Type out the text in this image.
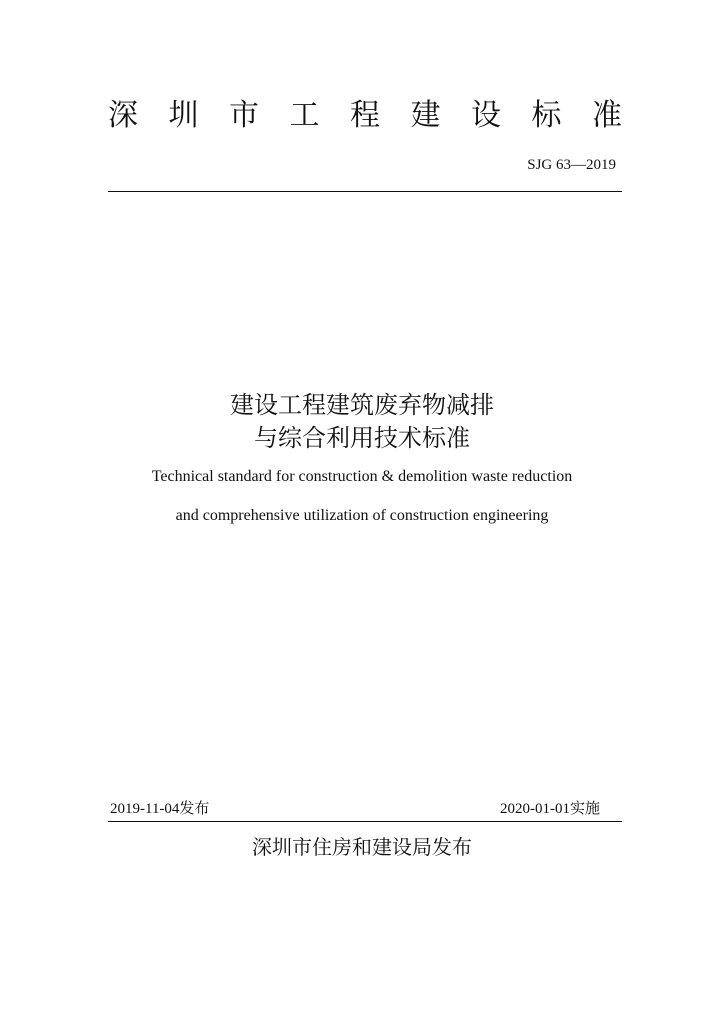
深 圳 市 工 程 建 设 标 准
SJG 63—2019
建设工程建筑废弃物减排
与综合利用技术标准
Technical standard for construction & demolition waste reduction
and comprehensive utilization of construction engineering
2019-11-04发布	2020-01-01实施
深圳市住房和建设局发布
